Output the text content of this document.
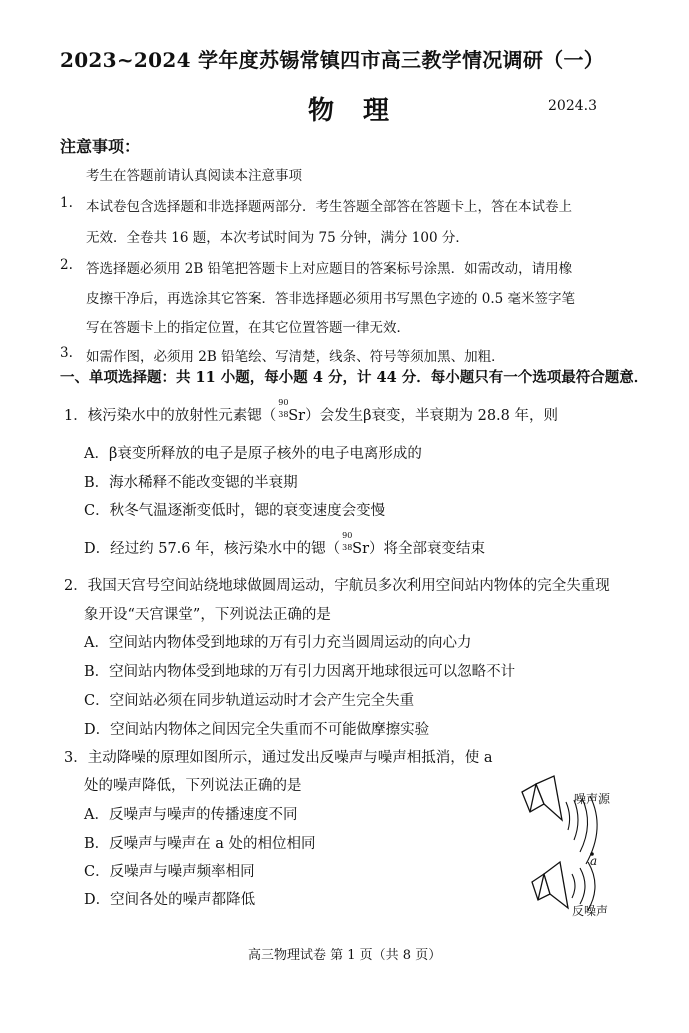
2023~2024 学年度苏锡常镇四市高三教学情况调研（一）
物 理	2024.3
注意事项：
考生在答题前请认真阅读本注意事项
1. 本试卷包含选择题和非选择题两部分．考生答题全部答在答题卡上，答在本试卷上
无效．全卷共 16 题，本次考试时间为 75 分钟，满分 100 分．
2. 答选择题必须用 2B 铅笔把答题卡上对应题目的答案标号涂黑．如需改动，请用橡
皮擦干净后，再选涂其它答案．答非选择题必须用书写黑色字迹的 0.5 毫米签字笔
写在答题卡上的指定位置，在其它位置答题一律无效．
3. 如需作图，必须用 2B 铅笔绘、写清楚，线条、符号等须加黑、加粗．
一、单项选择题：共 11 小题，每小题 4 分，计 44 分．每小题只有一个选项最符合题意．
1．核污染水中的放射性元素锶（
90
38 Sr）会发生β衰变，半衰期为 28.8 年，则
A．β衰变所释放的电子是原子核外的电子电离形成的
B．海水稀释不能改变锶的半衰期
C．秋冬气温逐渐变低时，锶的衰变速度会变慢
D．经过约 57.6 年，核污染水中的锶（
90
38 Sr）将全部衰变结束
2．我国天宫号空间站绕地球做圆周运动，宇航员多次利用空间站内物体的完全失重现
象开设“天宫课堂”，下列说法正确的是
A．空间站内物体受到地球的万有引力充当圆周运动的向心力
B．空间站内物体受到地球的万有引力因离开地球很远可以忽略不计
C．空间站必须在同步轨道运动时才会产生完全失重
D．空间站内物体之间因完全失重而不可能做摩擦实验
3．主动降噪的原理如图所示，通过发出反噪声与噪声相抵消，使 a
处的噪声降低，下列说法正确的是
A．反噪声与噪声的传播速度不同
B．反噪声与噪声在 a 处的相位相同
C．反噪声与噪声频率相同
D．空间各处的噪声都降低
噪声源
a
反噪声
高三物理试卷 第 1 页（共 8 页）
